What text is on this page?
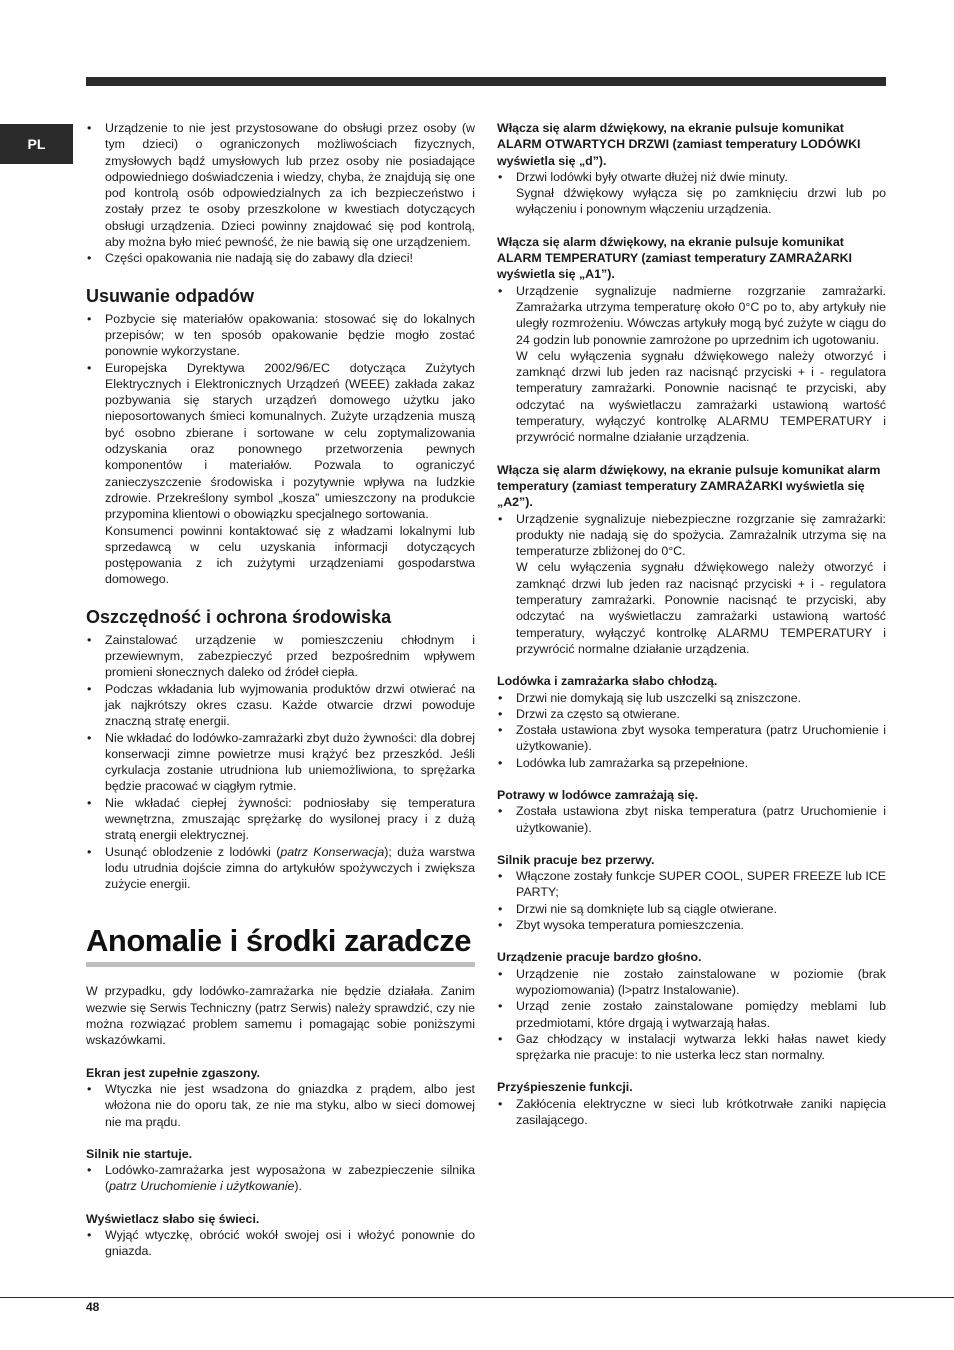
PL
• Urządzenie to nie jest przystosowane do obsługi przez osoby (w tym dzieci) o ograniczonych możliwościach fizycznych, zmysłowych bądź umysłowych lub przez osoby nie posiadające odpowiedniego doświadczenia i wiedzy, chyba, że znajdują się one pod kontrolą osób odpowiedzialnych za ich bezpieczeństwo i zostały przez te osoby przeszkolone w kwestiach dotyczących obsługi urządzenia. Dzieci powinny znajdować się pod kontrolą, aby można było mieć pewność, że nie bawią się one urządzeniem.
• Części opakowania nie nadają się do zabawy dla dzieci!
Usuwanie odpadów
• Pozbycie się materiałów opakowania: stosować się do lokalnych przepisów; w ten sposób opakowanie będzie mogło zostać ponownie wykorzystane.
• Europejska Dyrektywa 2002/96/EC dotycząca Zużytych Elektrycznych i Elektronicznych Urządzeń (WEEE) zakłada zakaz pozbywania się starych urządzeń domowego użytku jako nieposortowanych śmieci komunalnych. Zużyte urządzenia muszą być osobno zbierane i sortowane w celu zoptymalizowania odzyskania oraz ponownego przetworzenia pewnych komponentów i materiałów. Pozwala to ograniczyć zanieczyszczenie środowiska i pozytywnie wpływa na ludzkie zdrowie. Przekreślony symbol „kosza” umieszczony na produkcie przypomina klientowi o obowiązku specjalnego sortowania.
Konsumenci powinni kontaktować się z władzami lokalnymi lub sprzedawcą w celu uzyskania informacji dotyczących postępowania z ich zużytymi urządzeniami gospodarstwa domowego.
Oszczędność i ochrona środowiska
• Zainstalować urządzenie w pomieszczeniu chłodnym i przewiewnym, zabezpieczyć przed bezpośrednim wpływem promieni słonecznych daleko od źródeł ciepła.
• Podczas wkładania lub wyjmowania produktów drzwi otwierać na jak najkrótszy okres czasu. Każde otwarcie drzwi powoduje znaczną stratę energii.
• Nie wkładać do lodówko-zamrażarki zbyt dużo żywności: dla dobrej konserwacji zimne powietrze musi krążyć bez przeszkód. Jeśli cyrkulacja zostanie utrudniona lub uniemożliwiona, to sprężarka będzie pracować w ciągłym rytmie.
• Nie wkładać ciepłej żywności: podniosłaby się temperatura wewnętrzna, zmuszając sprężarkę do wysilonej pracy i z dużą stratą energii elektrycznej.
• Usunąć oblodzenie z lodówki (patrz Konserwacja); duża warstwa lodu utrudnia dojście zimna do artykułów spożywczych i zwiększa zużycie energii.
Anomalie i środki zaradcze
W przypadku, gdy lodówko-zamrażarka nie będzie działała. Zanim wezwie się Serwis Techniczny (patrz Serwis) należy sprawdzić, czy nie można rozwiązać problem samemu i pomagając sobie poniższymi wskazówkami.
Ekran jest zupełnie zgaszony.
• Wtyczka nie jest wsadzona do gniazdka z prądem, albo jest włożona nie do oporu tak, ze nie ma styku, albo w sieci domowej nie ma prądu.
Silnik nie startuje.
• Lodówko-zamrażarka jest wyposażona w zabezpieczenie silnika (patrz Uruchomienie i użytkowanie).
Wyświetlacz słabo się świeci.
• Wyjąć wtyczkę, obrócić wokół swojej osi i włożyć ponownie do gniazda.
Włącza się alarm dźwiękowy, na ekranie pulsuje komunikat ALARM OTWARTYCH DRZWI (zamiast temperatury LODÓWKI wyświetla się „d”).
• Drzwi lodówki były otwarte dłużej niż dwie minuty.
Sygnał dźwiękowy wyłącza się po zamknięciu drzwi lub po wyłączeniu i ponownym włączeniu urządzenia.
Włącza się alarm dźwiękowy, na ekranie pulsuje komunikat ALARM TEMPERATURY (zamiast temperatury ZAMRAŻARKI wyświetla się „A1”).
• Urządzenie sygnalizuje nadmierne rozgrzanie zamrażarki. Zamrażarka utrzyma temperaturę około 0°C po to, aby artykuły nie uległy rozmrożeniu. Wówczas artykuły mogą być zużyte w ciągu do 24 godzin lub ponownie zamrożone po uprzednim ich ugotowaniu.
W celu wyłączenia sygnału dźwiękowego należy otworzyć i zamknąć drzwi lub jeden raz nacisnąć przyciski + i - regulatora temperatury zamrażarki. Ponownie nacisnąć te przyciski, aby odczytać na wyświetlaczu zamrażarki ustawioną wartość temperatury, wyłączyć kontrolkę ALARMU TEMPERATURY i przywrócić normalne działanie urządzenia.
Włącza się alarm dźwiękowy, na ekranie pulsuje komunikat alarm temperatury (zamiast temperatury ZAMRAŻARKI wyświetla się „A2”).
• Urządzenie sygnalizuje niebezpieczne rozgrzanie się zamrażarki: produkty nie nadają się do spożycia. Zamrażalnik utrzyma się na temperaturze zbliżonej do 0°C.
W celu wyłączenia sygnału dźwiękowego należy otworzyć i zamknąć drzwi lub jeden raz nacisnąć przyciski + i - regulatora temperatury zamrażarki. Ponownie nacisnąć te przyciski, aby odczytać na wyświetlaczu zamrażarki ustawioną wartość temperatury, wyłączyć kontrolkę ALARMU TEMPERATURY i przywrócić normalne działanie urządzenia.
Lodówka i zamrażarka słabo chłodzą.
• Drzwi nie domykają się lub uszczelki są zniszczone.
• Drzwi za często są otwierane.
• Została ustawiona zbyt wysoka temperatura (patrz Uruchomienie i użytkowanie).
• Lodówka lub zamrażarka są przepełnione.
Potrawy w lodówce zamrażają się.
• Została ustawiona zbyt niska temperatura (patrz Uruchomienie i użytkowanie).
Silnik pracuje bez przerwy.
• Włączone zostały funkcje SUPER COOL, SUPER FREEZE lub ICE PARTY;
• Drzwi nie są domknięte lub są ciągle otwierane.
• Zbyt wysoka temperatura pomieszczenia.
Urządzenie pracuje bardzo głośno.
• Urządzenie nie zostało zainstalowane w poziomie (brak wypoziomowania) (l>patrz Instalowanie).
• Urząd zenie zostało zainstalowane pomiędzy meblami lub przedmiotami, które drgają i wytwarzają hałas.
• Gaz chłodzący w instalacji wytwarza lekki hałas nawet kiedy sprężarka nie pracuje: to nie usterka lecz stan normalny.
Przyśpieszenie funkcji.
• Zakłócenia elektryczne w sieci lub krótkotrwałe zaniki napięcia zasilającego.
48
